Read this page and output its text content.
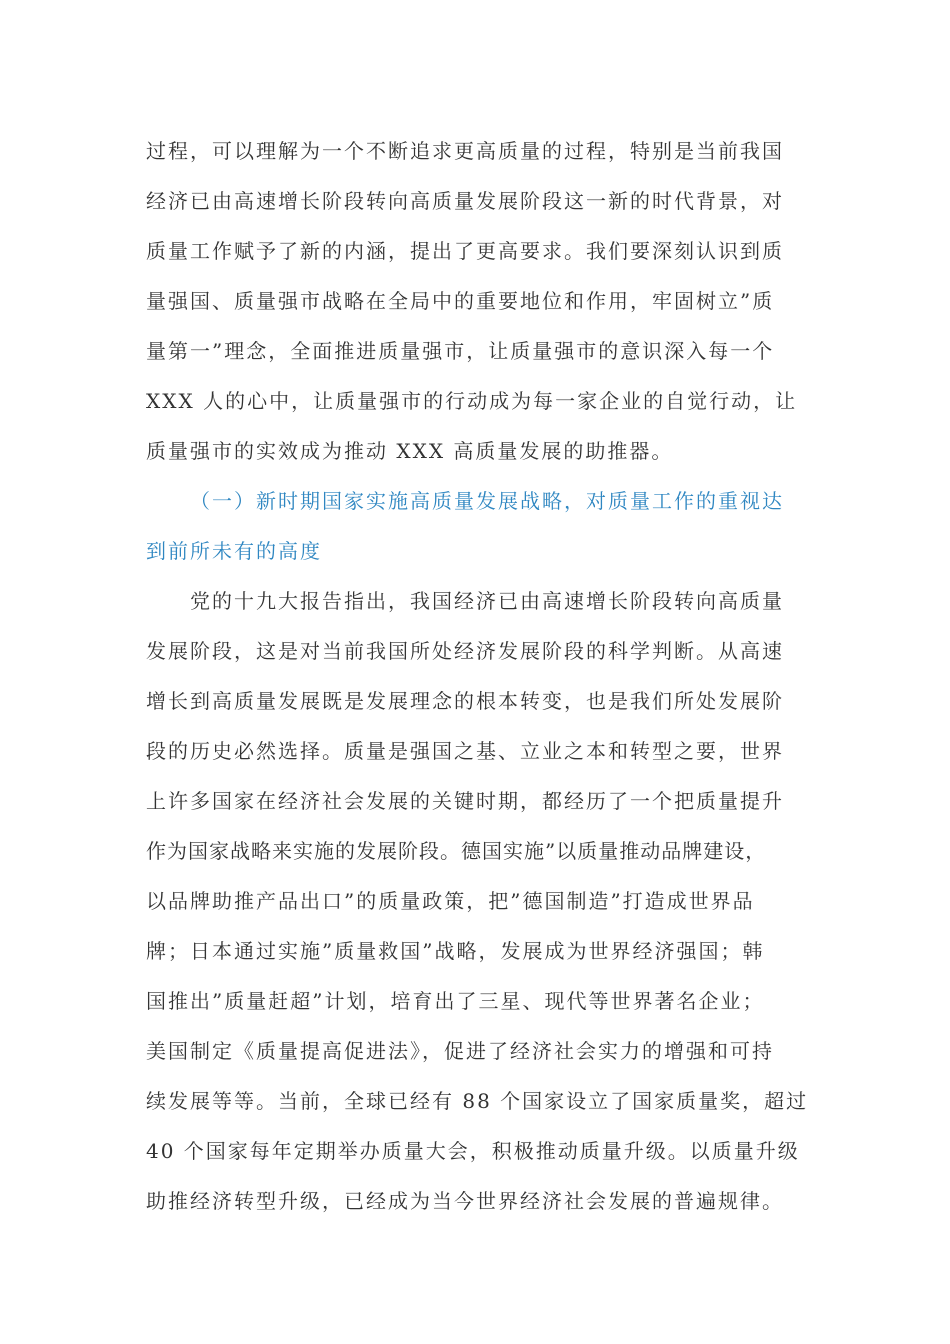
过程，可以理解为一个不断追求更高质量的过程，特别是当前我国
经济已由高速增长阶段转向高质量发展阶段这一新的时代背景，对
质量工作赋予了新的内涵，提出了更高要求。我们要深刻认识到质
量强国、质量强市战略在全局中的重要地位和作用，牢固树立”质
量第一”理念，全面推进质量强市，让质量强市的意识深入每一个
XXX 人的心中，让质量强市的行动成为每一家企业的自觉行动，让
质量强市的实效成为推动 XXX 高质量发展的助推器。
（一）新时期国家实施高质量发展战略，对质量工作的重视达
到前所未有的高度
党的十九大报告指出，我国经济已由高速增长阶段转向高质量
发展阶段，这是对当前我国所处经济发展阶段的科学判断。从高速
增长到高质量发展既是发展理念的根本转变，也是我们所处发展阶
段的历史必然选择。质量是强国之基、立业之本和转型之要，世界
上许多国家在经济社会发展的关键时期，都经历了一个把质量提升
作为国家战略来实施的发展阶段。德国实施”以质量推动品牌建设，
以品牌助推产品出口”的质量政策，把”德国制造”打造成世界品
牌；日本通过实施”质量救国”战略，发展成为世界经济强国；韩
国推出”质量赶超”计划，培育出了三星、现代等世界著名企业；
美国制定《质量提高促进法》，促进了经济社会实力的增强和可持
续发展等等。当前，全球已经有 88 个国家设立了国家质量奖，超过
40 个国家每年定期举办质量大会，积极推动质量升级。以质量升级
助推经济转型升级，已经成为当今世界经济社会发展的普遍规律。
